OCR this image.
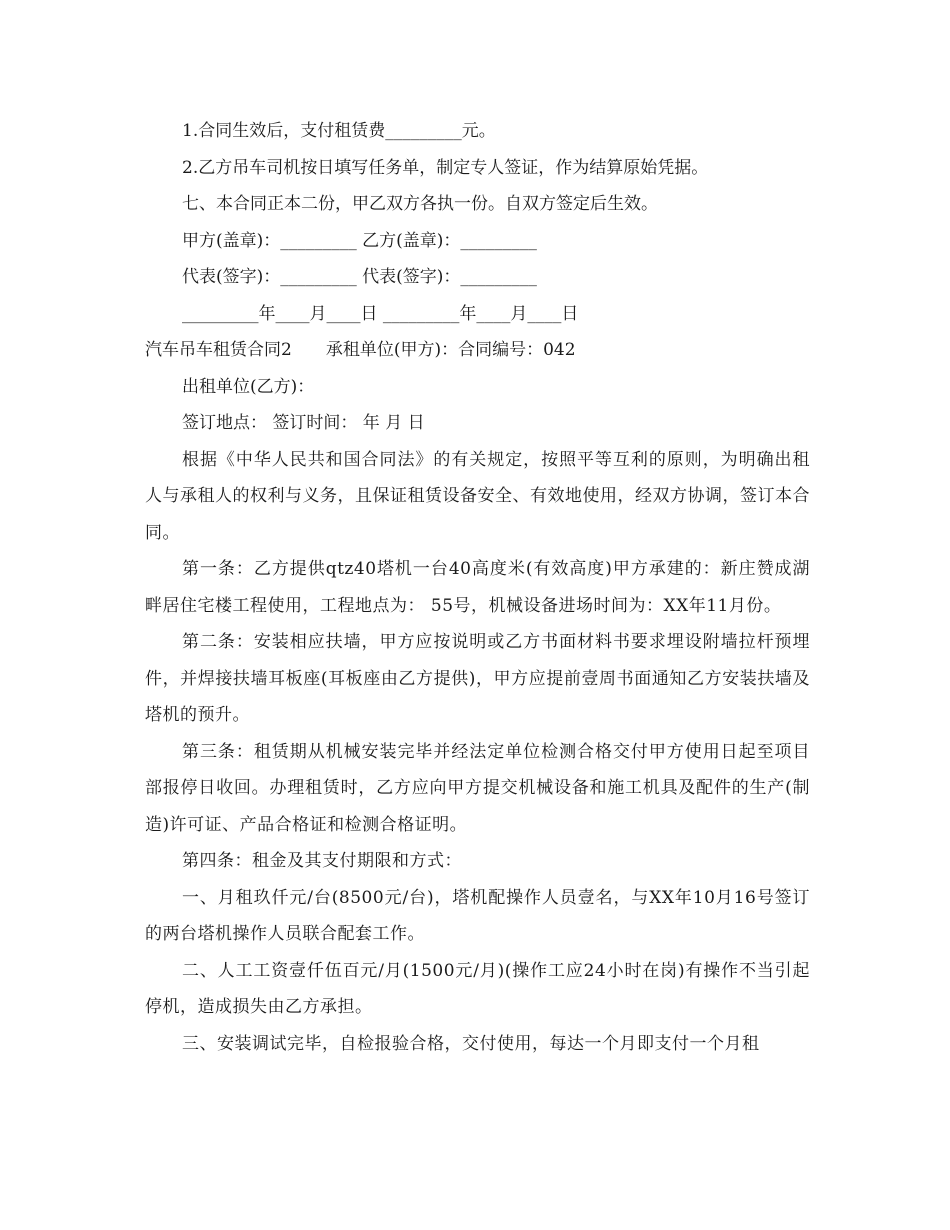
1.合同生效后，支付租赁费_________元。
2.乙方吊车司机按日填写任务单，制定专人签证，作为结算原始凭据。
七、本合同正本二份，甲乙双方各执一份。自双方签定后生效。
甲方(盖章)：_________ 乙方(盖章)：_________
代表(签字)：_________ 代表(签字)：_________
_________年____月____日 _________年____月____日
汽车吊车租赁合同2　　承租单位(甲方)：合同编号：042
出租单位(乙方)：
签订地点： 签订时间： 年 月 日
根据《中华人民共和国合同法》的有关规定，按照平等互利的原则，为明确出租人与承租人的权利与义务，且保证租赁设备安全、有效地使用，经双方协调，签订本合同。
第一条：乙方提供qtz40塔机一台40高度米(有效高度)甲方承建的：新庄赞成湖畔居住宅楼工程使用，工程地点为： 55号，机械设备进场时间为：XX年11月份。
第二条：安装相应扶墙，甲方应按说明或乙方书面材料书要求埋设附墙拉杆预埋件，并焊接扶墙耳板座(耳板座由乙方提供)，甲方应提前壹周书面通知乙方安装扶墙及塔机的预升。
第三条：租赁期从机械安装完毕并经法定单位检测合格交付甲方使用日起至项目部报停日收回。办理租赁时，乙方应向甲方提交机械设备和施工机具及配件的生产(制造)许可证、产品合格证和检测合格证明。
第四条：租金及其支付期限和方式：
一、月租玖仟元/台(8500元/台)，塔机配操作人员壹名，与XX年10月16号签订的两台塔机操作人员联合配套工作。
二、人工工资壹仟伍百元/月(1500元/月)(操作工应24小时在岗)有操作不当引起停机，造成损失由乙方承担。
三、安装调试完毕，自检报验合格，交付使用，每达一个月即支付一个月租
